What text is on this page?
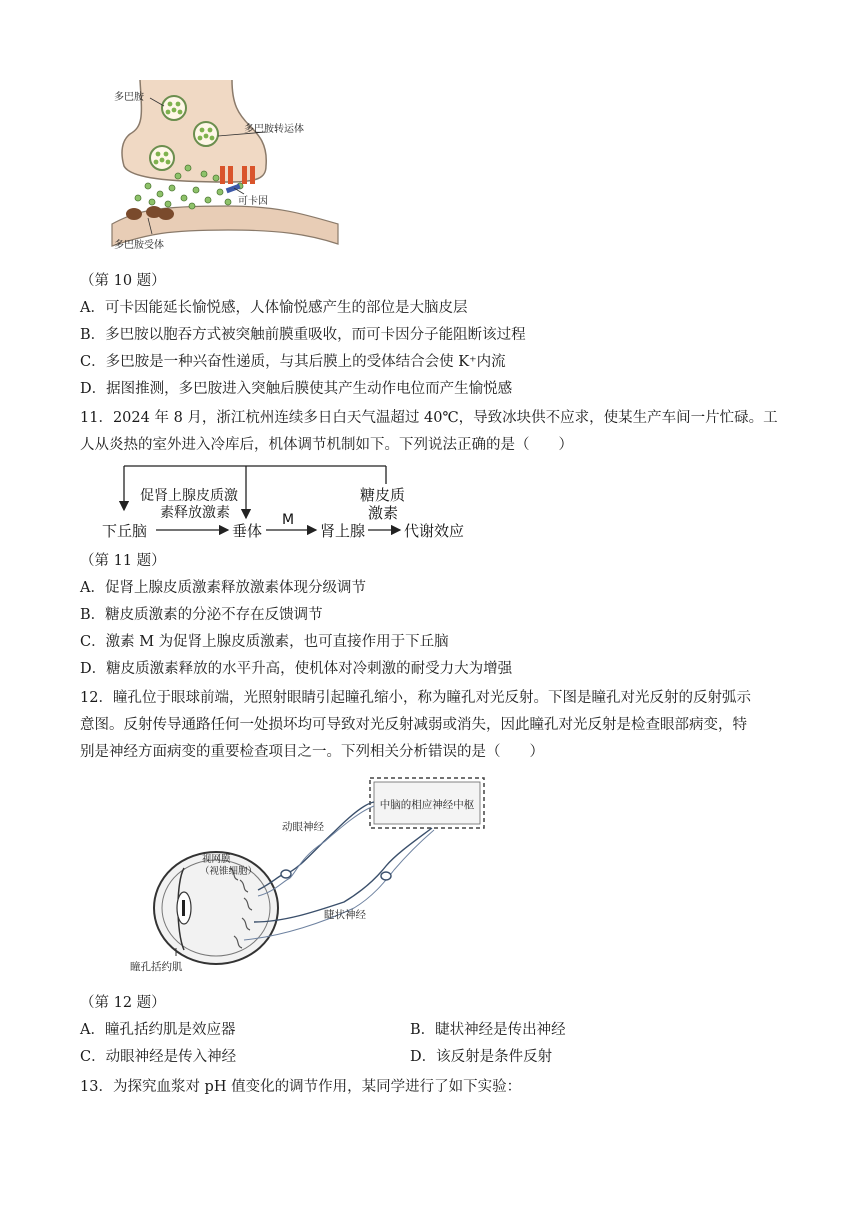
多巴胺
多巴胺转运体
可卡因
多巴胺受体
（第 10 题）
A．可卡因能延长愉悦感，人体愉悦感产生的部位是大脑皮层
B．多巴胺以胞吞方式被突触前膜重吸收，而可卡因分子能阻断该过程
C．多巴胺是一种兴奋性递质，与其后膜上的受体结合会使 K⁺内流
D．据图推测，多巴胺进入突触后膜使其产生动作电位而产生愉悦感
11．2024 年 8 月，浙江杭州连续多日白天气温超过 40℃，导致冰块供不应求，使某生产车间一片忙碌。工
人从炎热的室外进入冷库后，机体调节机制如下。下列说法正确的是（　　）
下丘脑
促肾上腺皮质激
素释放激素
垂体
M
肾上腺
糖皮质
激素
代谢效应
（第 11 题）
A．促肾上腺皮质激素释放激素体现分级调节
B．糖皮质激素的分泌不存在反馈调节
C．激素 M 为促肾上腺皮质激素，也可直接作用于下丘脑
D．糖皮质激素释放的水平升高，使机体对冷刺激的耐受力大为增强
12．瞳孔位于眼球前端，光照射眼睛引起瞳孔缩小，称为瞳孔对光反射。下图是瞳孔对光反射的反射弧示
意图。反射传导通路任何一处损坏均可导致对光反射减弱或消失，因此瞳孔对光反射是检查眼部病变，特
别是神经方面病变的重要检查项目之一。下列相关分析错误的是（　　）
中脑的相应神经中枢
动眼神经
视网膜
（视锥细胞）
睫状神经
瞳孔括约肌
（第 12 题）
A．瞳孔括约肌是效应器	B．睫状神经是传出神经
C．动眼神经是传入神经	D．该反射是条件反射
13．为探究血浆对 pH 值变化的调节作用，某同学进行了如下实验：
